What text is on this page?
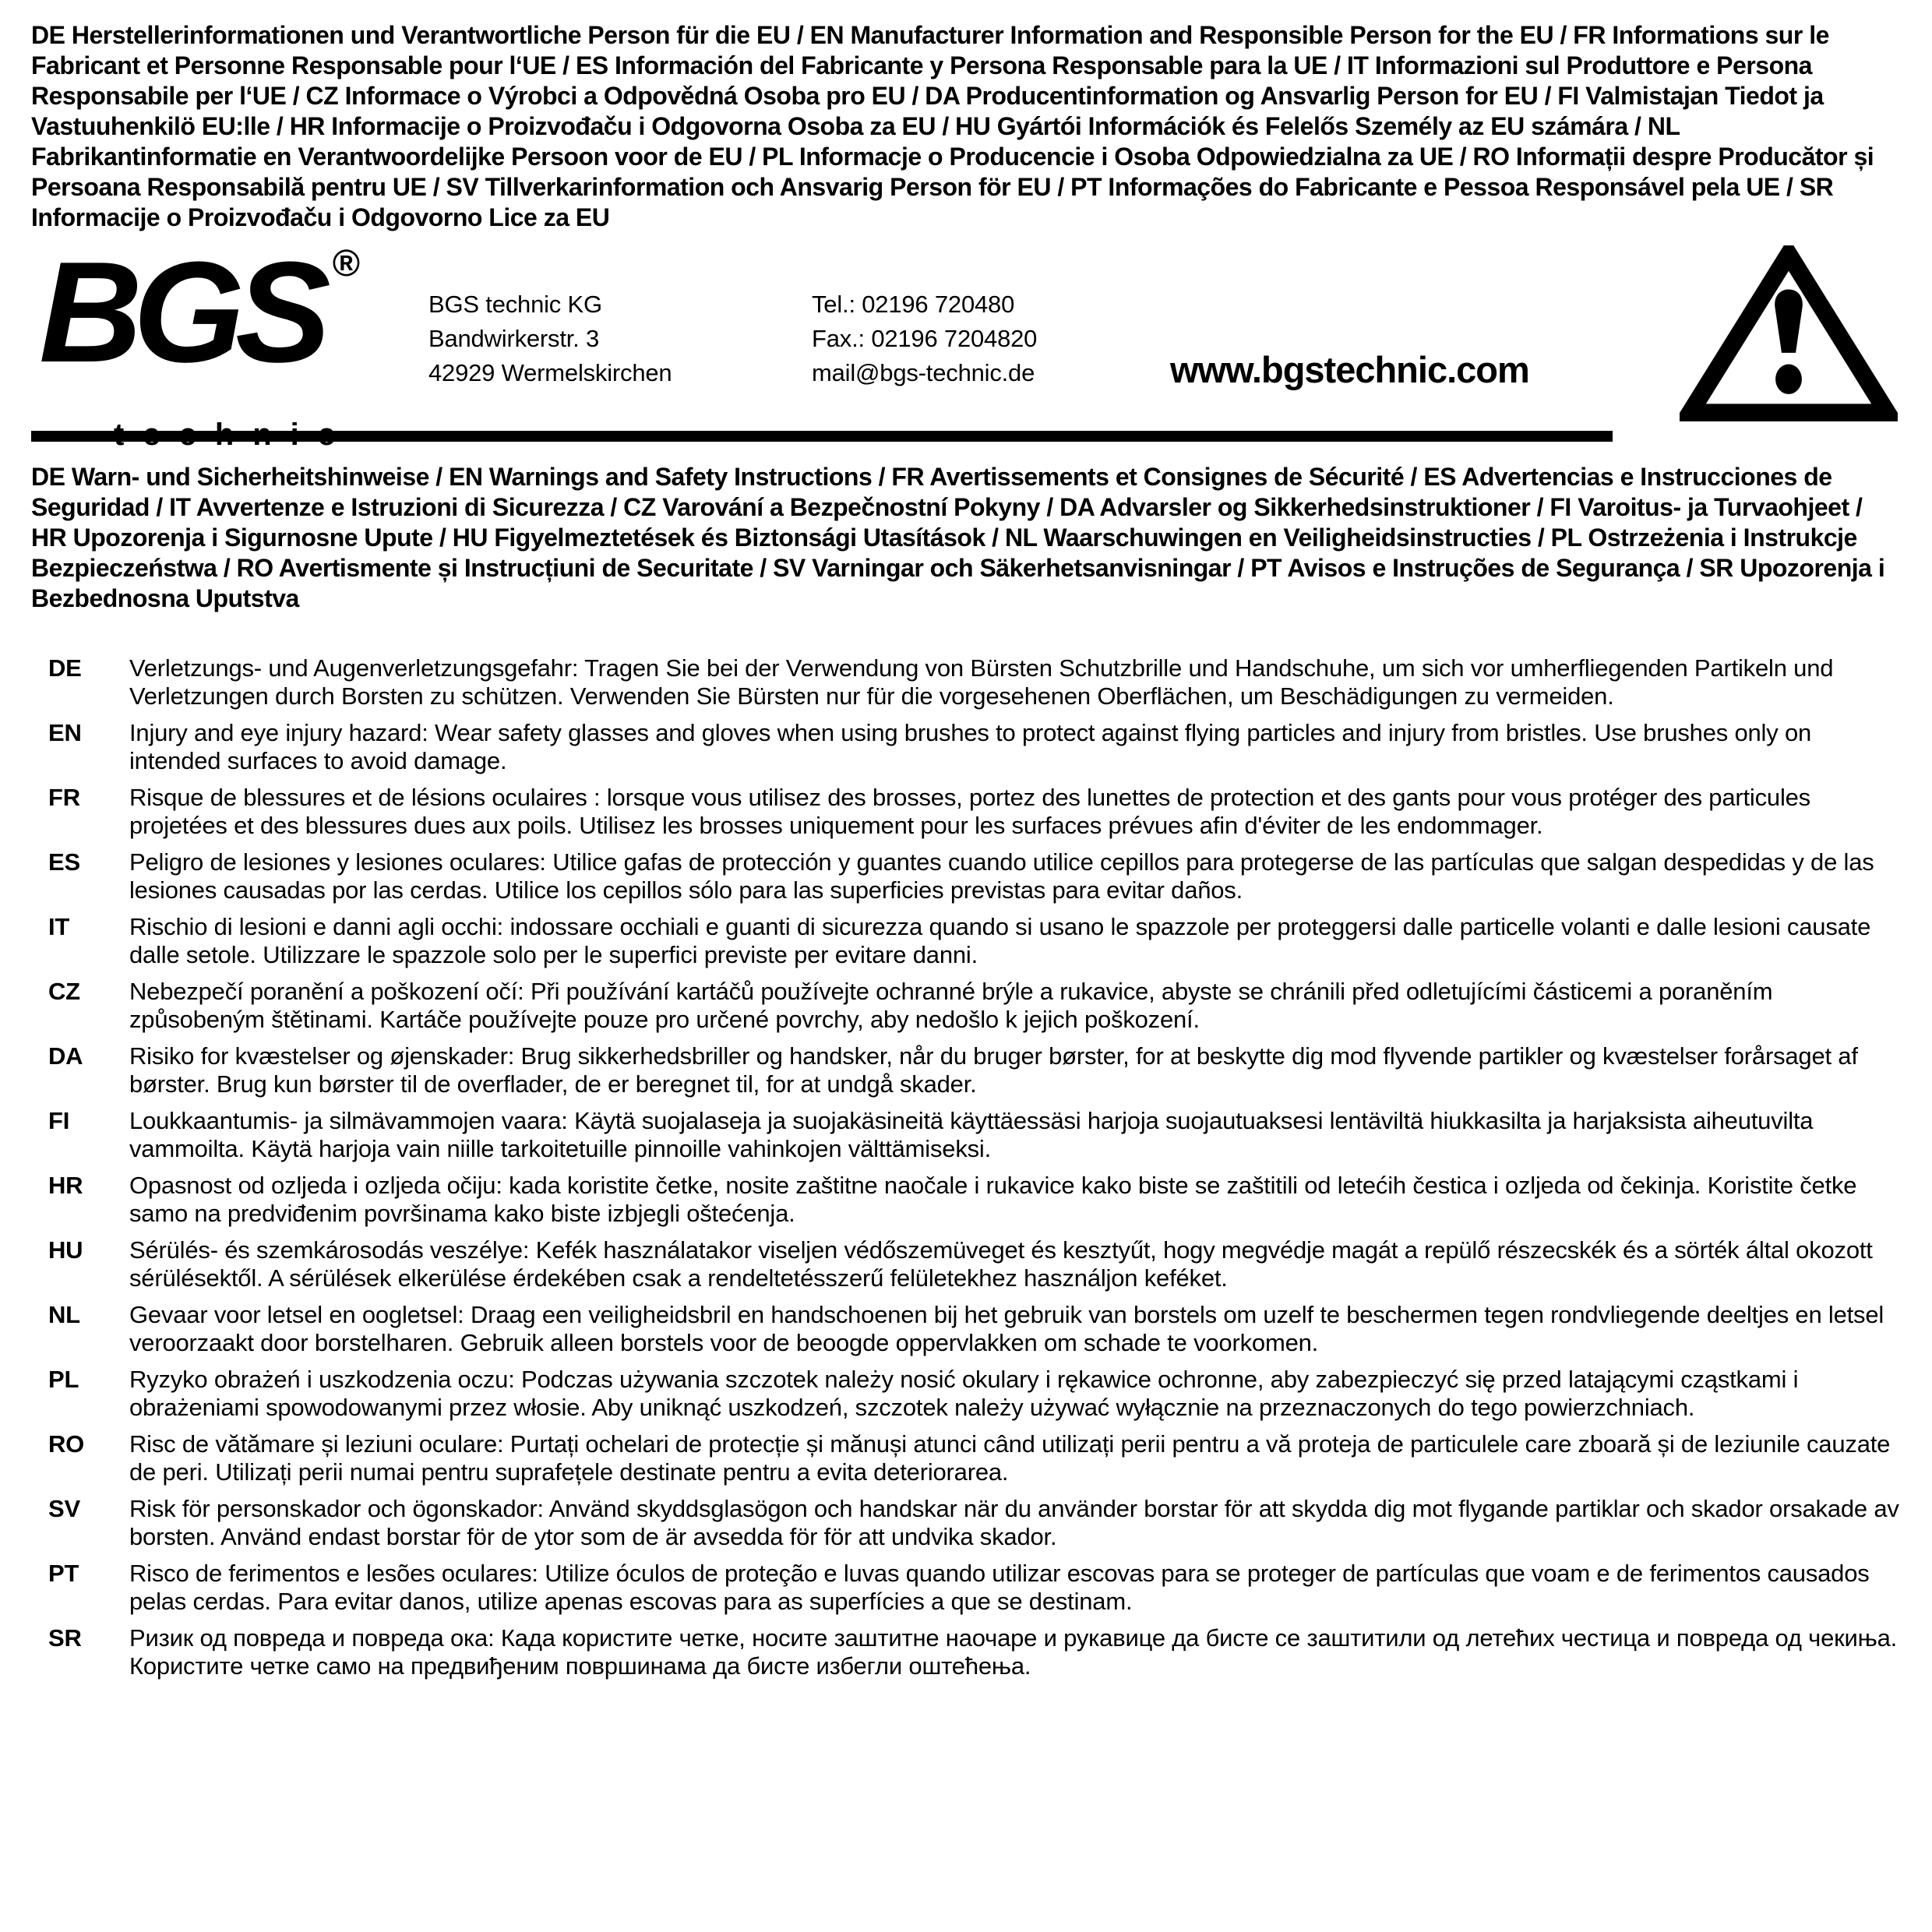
DE Herstellerinformationen und Verantwortliche Person für die EU / EN Manufacturer Information and Responsible Person for the EU / FR Informations sur le Fabricant et Personne Responsable pour l‘UE / ES Información del Fabricante y Persona Responsable para la UE / IT Informazioni sul Produttore e Persona Responsabile per l‘UE / CZ Informace o Výrobci a Odpovědná Osoba pro EU / DA Producentinformation og Ansvarlig Person for EU / FI Valmistajan Tiedot ja Vastuuhenkilö EU:lle / HR Informacije o Proizvođaču i Odgovorna Osoba za EU / HU Gyártói Információk és Felelős Személy az EU számára / NL Fabrikantinformatie en Verantwoordelijke Persoon voor de EU / PL Informacje o Producencie i Osoba Odpowiedzialna za UE / RO Informații despre Producător și Persoana Responsabilă pentru UE / SV Tillverkarinformation och Ansvarig Person för EU / PT Informações do Fabricante e Pessoa Responsável pela UE / SR Informacije o Proizvođaču i Odgovorno Lice za EU
BGS ®
technic
BGS technic KG
Bandwirkerstr. 3
42929 Wermelskirchen
Tel.: 02196 720480
Fax.: 02196 7204820
mail@bgs-technic.de	www.bgstechnic.com
DE Warn- und Sicherheitshinweise / EN Warnings and Safety Instructions / FR Avertissements et Consignes de Sécurité / ES Advertencias e Instrucciones de Seguridad / IT Avvertenze e Istruzioni di Sicurezza / CZ Varování a Bezpečnostní Pokyny / DA Advarsler og Sikkerhedsinstruktioner / FI Varoitus- ja Turvaohjeet / HR Upozorenja i Sigurnosne Upute / HU Figyelmeztetések és Biztonsági Utasítások / NL Waarschuwingen en Veiligheidsinstructies / PL Ostrzeżenia i Instrukcje Bezpieczeństwa / RO Avertismente și Instrucțiuni de Securitate / SV Varningar och Säkerhetsanvisningar / PT Avisos e Instruções de Segurança / SR Upozorenja i Bezbednosna Uputstva
DE	Verletzungs- und Augenverletzungsgefahr: Tragen Sie bei der Verwendung von Bürsten Schutzbrille und Handschuhe, um sich vor umherfliegenden Partikeln und Verletzungen durch Borsten zu schützen. Verwenden Sie Bürsten nur für die vorgesehenen Oberflächen, um Beschädigungen zu vermeiden.
EN	Injury and eye injury hazard: Wear safety glasses and gloves when using brushes to protect against flying particles and injury from bristles. Use brushes only on intended surfaces to avoid damage.
FR	Risque de blessures et de lésions oculaires : lorsque vous utilisez des brosses, portez des lunettes de protection et des gants pour vous protéger des particules projetées et des blessures dues aux poils. Utilisez les brosses uniquement pour les surfaces prévues afin d'éviter de les endommager.
ES	Peligro de lesiones y lesiones oculares: Utilice gafas de protección y guantes cuando utilice cepillos para protegerse de las partículas que salgan despedidas y de las lesiones causadas por las cerdas. Utilice los cepillos sólo para las superficies previstas para evitar daños.
IT	Rischio di lesioni e danni agli occhi: indossare occhiali e guanti di sicurezza quando si usano le spazzole per proteggersi dalle particelle volanti e dalle lesioni causate dalle setole. Utilizzare le spazzole solo per le superfici previste per evitare danni.
CZ	Nebezpečí poranění a poškození očí: Při používání kartáčů používejte ochranné brýle a rukavice, abyste se chránili před odletujícími částicemi a poraněním způsobeným štětinami. Kartáče používejte pouze pro určené povrchy, aby nedošlo k jejich poškození.
DA	Risiko for kvæstelser og øjenskader: Brug sikkerhedsbriller og handsker, når du bruger børster, for at beskytte dig mod flyvende partikler og kvæstelser forårsaget af børster. Brug kun børster til de overflader, de er beregnet til, for at undgå skader.
FI	Loukkaantumis- ja silmävammojen vaara: Käytä suojalaseja ja suojakäsineitä käyttäessäsi harjoja suojautuaksesi lentäviltä hiukkasilta ja harjaksista aiheutuvilta vammoilta. Käytä harjoja vain niille tarkoitetuille pinnoille vahinkojen välttämiseksi.
HR	Opasnost od ozljeda i ozljeda očiju: kada koristite četke, nosite zaštitne naočale i rukavice kako biste se zaštitili od letećih čestica i ozljeda od čekinja. Koristite četke samo na predviđenim površinama kako biste izbjegli oštećenja.
HU	Sérülés- és szemkárosodás veszélye: Kefék használatakor viseljen védőszemüveget és kesztyűt, hogy megvédje magát a repülő részecskék és a sörték által okozott sérülésektől. A sérülések elkerülése érdekében csak a rendeltetésszerű felületekhez használjon keféket.
NL	Gevaar voor letsel en oogletsel: Draag een veiligheidsbril en handschoenen bij het gebruik van borstels om uzelf te beschermen tegen rondvliegende deeltjes en letsel veroorzaakt door borstelharen. Gebruik alleen borstels voor de beoogde oppervlakken om schade te voorkomen.
PL	Ryzyko obrażeń i uszkodzenia oczu: Podczas używania szczotek należy nosić okulary i rękawice ochronne, aby zabezpieczyć się przed latającymi cząstkami i obrażeniami spowodowanymi przez włosie. Aby uniknąć uszkodzeń, szczotek należy używać wyłącznie na przeznaczonych do tego powierzchniach.
RO	Risc de vătămare și leziuni oculare: Purtați ochelari de protecție și mănuși atunci când utilizați perii pentru a vă proteja de particulele care zboară și de leziunile cauzate de peri. Utilizați perii numai pentru suprafețele destinate pentru a evita deteriorarea.
SV	Risk för personskador och ögonskador: Använd skyddsglasögon och handskar när du använder borstar för att skydda dig mot flygande partiklar och skador orsakade av borsten. Använd endast borstar för de ytor som de är avsedda för för att undvika skador.
PT	Risco de ferimentos e lesões oculares: Utilize óculos de proteção e luvas quando utilizar escovas para se proteger de partículas que voam e de ferimentos causados pelas cerdas. Para evitar danos, utilize apenas escovas para as superfícies a que se destinam.
SR	Ризик од повреда и повреда ока: Када користите четке, носите заштитне наочаре и рукавице да бисте се заштитили од летећих честица и повреда од чекиња. Користите четке само на предвиђеним површинама да бисте избегли оштећења.
